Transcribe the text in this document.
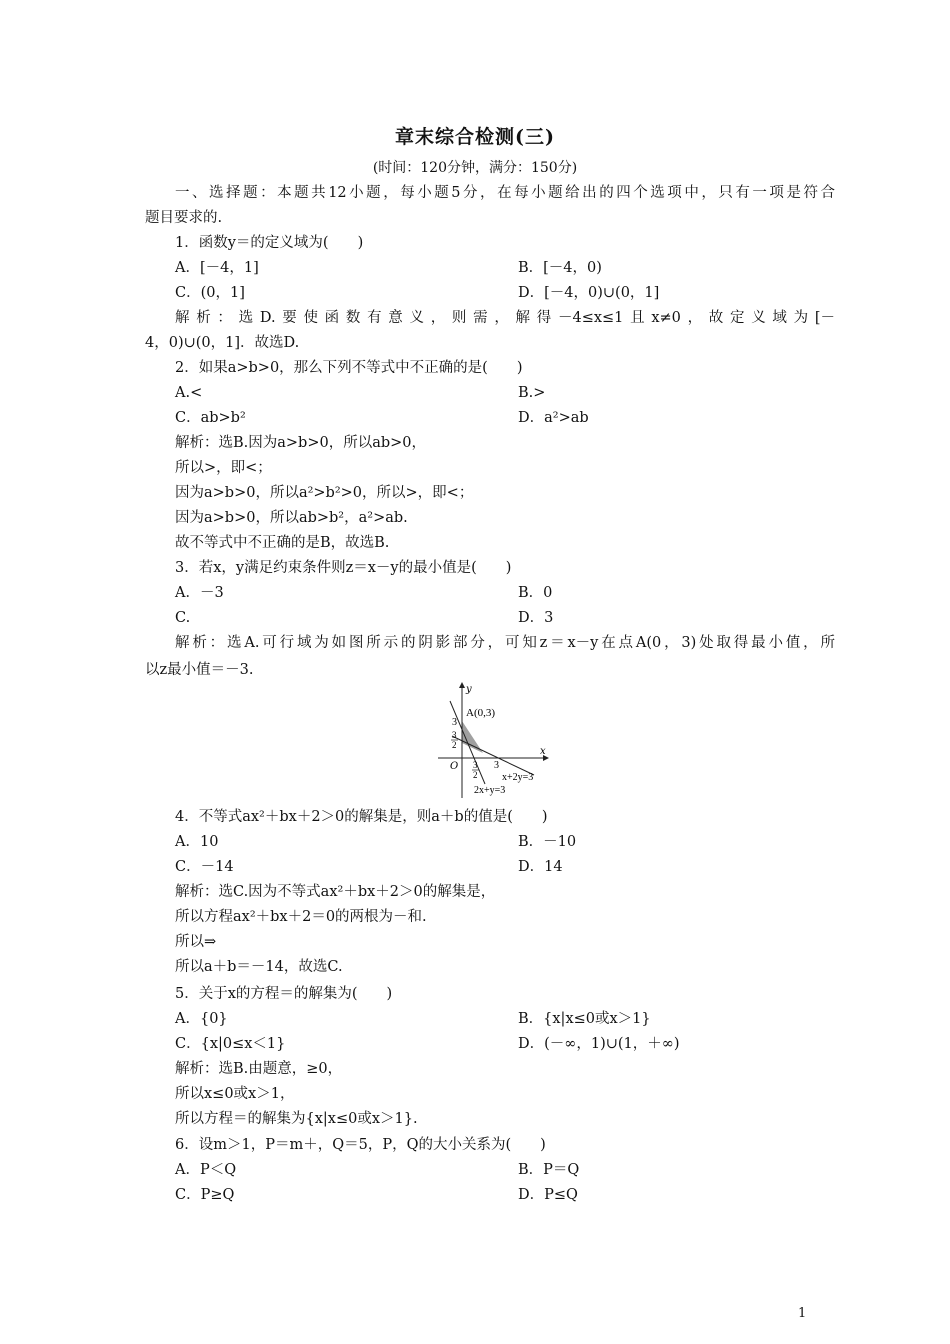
章末综合检测(三)
(时间：120分钟，满分：150分)
一、选择题：本题共12小题，每小题5分，在每小题给出的四个选项中，只有一项是符合
题目要求的.
1．函数y＝的定义域为(　　)
A．[－4，1]	B．[－4，0)
C．(0，1]	D．[－4，0)∪(0，1]
解析：选D.要使函数有意义，则需，解得－4≤x≤1且x≠0，故定义域为[－
4，0)∪(0，1]．故选D.
2．如果a>b>0，那么下列不等式中不正确的是(　　)
A.<	B.>
C．ab>b²	D．a²>ab
解析：选B.因为a>b>0，所以ab>0，
所以>，即<；
因为a>b>0，所以a²>b²>0，所以>，即<；
因为a>b>0，所以ab>b²，a²>ab.
故不等式中不正确的是B，故选B.
3．若x，y满足约束条件则z＝x－y的最小值是(　　)
A．－3	B．0
C.	D．3
解析：选A.可行域为如图所示的阴影部分，可知z＝x－y在点A(0，3)处取得最小值，所
以z最小值＝－3.
4．不等式ax²＋bx＋2＞0的解集是，则a＋b的值是(　　)
A．10	B．－10
C．－14	D．14
解析：选C.因为不等式ax²＋bx＋2＞0的解集是，
所以方程ax²＋bx＋2＝0的两根为－和.
所以⇒
所以a＋b＝－14，故选C.
5．关于x的方程＝的解集为(　　)
A．{0}	B．{x|x≤0或x＞1}
C．{x|0≤x＜1}	D．(－∞，1)∪(1，＋∞)
解析：选B.由题意，≥0，
所以x≤0或x＞1，
所以方程＝的解集为{x|x≤0或x＞1}.
6．设m＞1，P＝m＋，Q＝5，P，Q的大小关系为(　　)
A．P＜Q	B．P＝Q
C．P≥Q	D．P≤Q
y
x
A(0,3)
3
3
2
O 3
2
3
x+2y=3
2x+y=3
1
